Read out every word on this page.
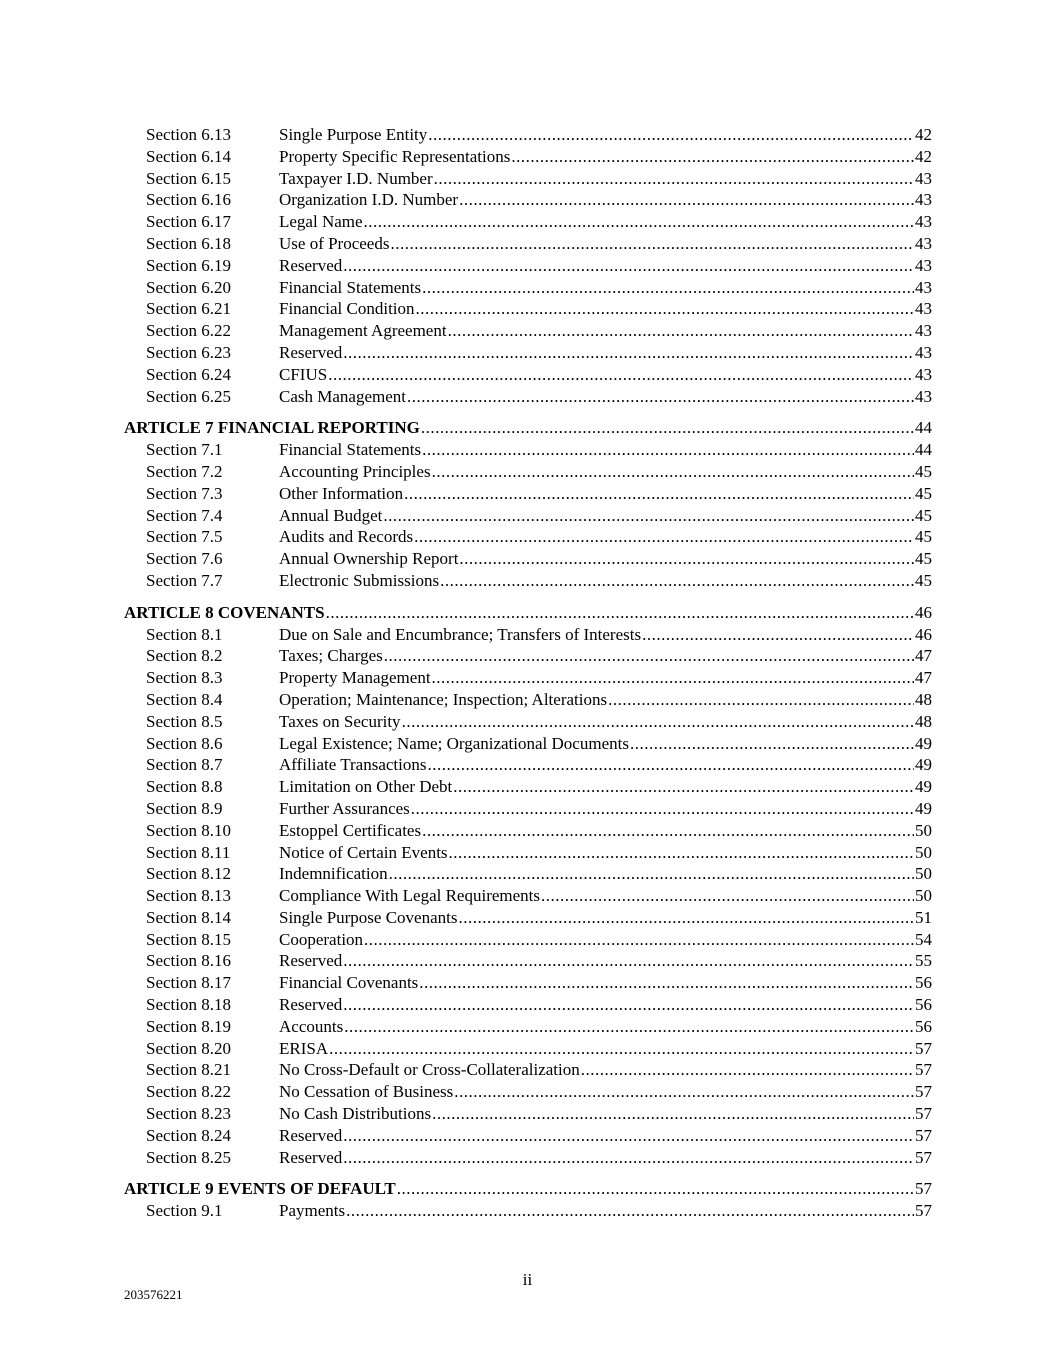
Section 6.13	Single Purpose Entity .....	42
Section 6.14	Property Specific Representations .....	42
Section 6.15	Taxpayer I.D. Number .....	43
Section 6.16	Organization I.D. Number .....	43
Section 6.17	Legal Name .....	43
Section 6.18	Use of Proceeds .....	43
Section 6.19	Reserved .....	43
Section 6.20	Financial Statements .....	43
Section 6.21	Financial Condition .....	43
Section 6.22	Management Agreement .....	43
Section 6.23	Reserved .....	43
Section 6.24	CFIUS .....	43
Section 6.25	Cash Management .....	43
ARTICLE 7 FINANCIAL REPORTING .....	44
Section 7.1	Financial Statements .....	44
Section 7.2	Accounting Principles .....	45
Section 7.3	Other Information .....	45
Section 7.4	Annual Budget .....	45
Section 7.5	Audits and Records .....	45
Section 7.6	Annual Ownership Report .....	45
Section 7.7	Electronic Submissions .....	45
ARTICLE 8 COVENANTS .....	46
Section 8.1	Due on Sale and Encumbrance; Transfers of Interests .....	46
Section 8.2	Taxes; Charges .....	47
Section 8.3	Property Management .....	47
Section 8.4	Operation; Maintenance; Inspection; Alterations .....	48
Section 8.5	Taxes on Security .....	48
Section 8.6	Legal Existence; Name; Organizational Documents .....	49
Section 8.7	Affiliate Transactions .....	49
Section 8.8	Limitation on Other Debt .....	49
Section 8.9	Further Assurances .....	49
Section 8.10	Estoppel Certificates .....	50
Section 8.11	Notice of Certain Events .....	50
Section 8.12	Indemnification .....	50
Section 8.13	Compliance With Legal Requirements .....	50
Section 8.14	Single Purpose Covenants .....	51
Section 8.15	Cooperation .....	54
Section 8.16	Reserved .....	55
Section 8.17	Financial Covenants .....	56
Section 8.18	Reserved .....	56
Section 8.19	Accounts .....	56
Section 8.20	ERISA .....	57
Section 8.21	No Cross-Default or Cross-Collateralization .....	57
Section 8.22	No Cessation of Business .....	57
Section 8.23	No Cash Distributions .....	57
Section 8.24	Reserved .....	57
Section 8.25	Reserved .....	57
ARTICLE 9 EVENTS OF DEFAULT .....	57
Section 9.1	Payments .....	57
ii
203576221
